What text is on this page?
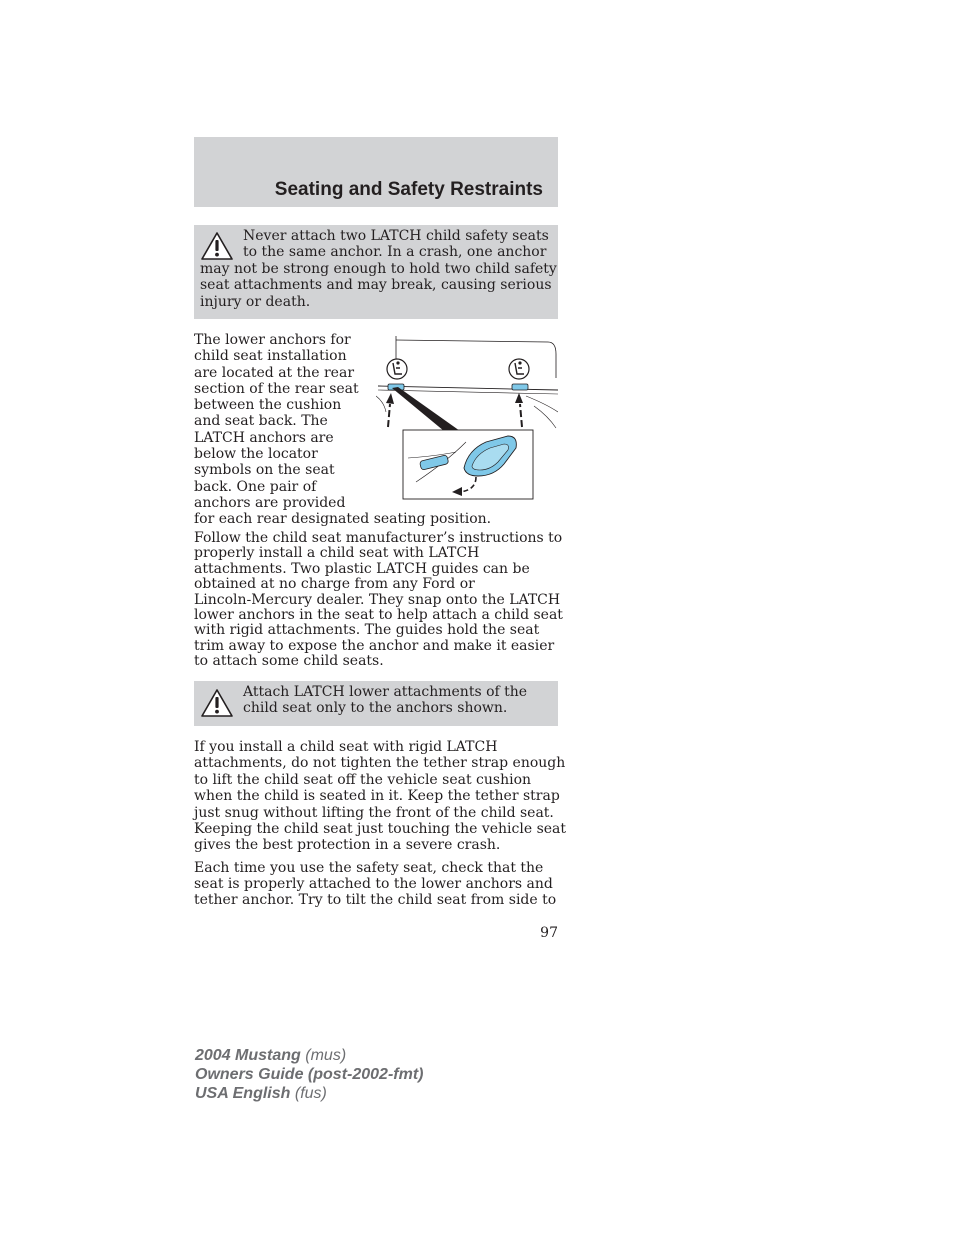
Seating and Safety Restraints
Never attach two LATCH child safety seats
to the same anchor. In a crash, one anchor
may not be strong enough to hold two child safety
seat attachments and may break, causing serious
injury or death.
The lower anchors for
child seat installation
are located at the rear
section of the rear seat
between the cushion
and seat back. The
LATCH anchors are
below the locator
symbols on the seat
back. One pair of
anchors are provided
for each rear designated seating position.
Follow the child seat manufacturer’s instructions to
properly install a child seat with LATCH
attachments. Two plastic LATCH guides can be
obtained at no charge from any Ford or
Lincoln-Mercury dealer. They snap onto the LATCH
lower anchors in the seat to help attach a child seat
with rigid attachments. The guides hold the seat
trim away to expose the anchor and make it easier
to attach some child seats.
Attach LATCH lower attachments of the
child seat only to the anchors shown.
If you install a child seat with rigid LATCH
attachments, do not tighten the tether strap enough
to lift the child seat off the vehicle seat cushion
when the child is seated in it. Keep the tether strap
just snug without lifting the front of the child seat.
Keeping the child seat just touching the vehicle seat
gives the best protection in a severe crash.
Each time you use the safety seat, check that the
seat is properly attached to the lower anchors and
tether anchor. Try to tilt the child seat from side to
97
2004 Mustang (mus)
Owners Guide (post-2002-fmt)
USA English (fus)
